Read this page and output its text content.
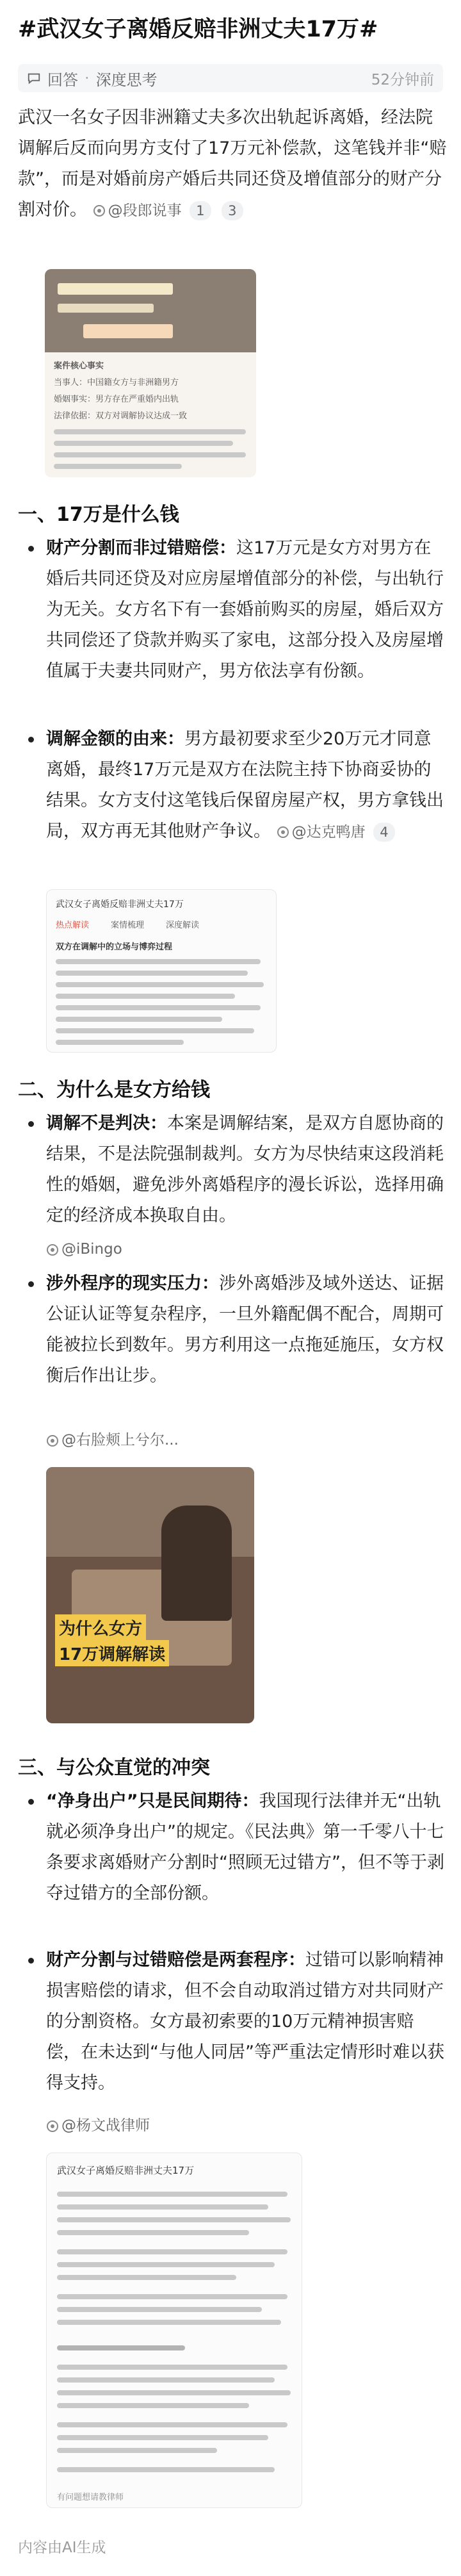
#武汉女子离婚反赔非洲丈夫17万#
回答 · 深度思考	52分钟前
武汉一名女子因非洲籍丈夫多次出轨起诉离婚，经法院调解后反而向男方支付了17万元补偿款，这笔钱并非“赔款”，而是对婚前房产婚后共同还贷及增值部分的财产分割对价。 @段郎说事 1 3
案件核心事实
当事人：中国籍女方与非洲籍男方
婚姻事实：男方存在严重婚内出轨
法律依据：双方对调解协议达成一致
一、17万是什么钱
财产分割而非过错赔偿：这17万元是女方对男方在婚后共同还贷及对应房屋增值部分的补偿，与出轨行为无关。女方名下有一套婚前购买的房屋，婚后双方共同偿还了贷款并购买了家电，这部分投入及房屋增值属于夫妻共同财产，男方依法享有份额。
调解金额的由来：男方最初要求至少20万元才同意离婚，最终17万元是双方在法院主持下协商妥协的结果。女方支付这笔钱后保留房屋产权，男方拿钱出局，双方再无其他财产争议。 @达克鸭唐 4
武汉女子离婚反赔非洲丈夫17万
热点解读	案情梳理	深度解读
双方在调解中的立场与博弈过程
二、为什么是女方给钱
调解不是判决：本案是调解结案，是双方自愿协商的结果，不是法院强制裁判。女方为尽快结束这段消耗性的婚姻，避免涉外离婚程序的漫长诉讼，选择用确定的经济成本换取自由。
@iBingo
涉外程序的现实压力：涉外离婚涉及域外送达、证据公证认证等复杂程序，一旦外籍配偶不配合，周期可能被拉长到数年。男方利用这一点拖延施压，女方权衡后作出让步。
@右脸颊上兮尔...
为什么女方
17万调解解读
三、与公众直觉的冲突
“净身出户”只是民间期待：我国现行法律并无“出轨就必须净身出户”的规定。《民法典》第一千零八十七条要求离婚财产分割时“照顾无过错方”，但不等于剥夺过错方的全部份额。
财产分割与过错赔偿是两套程序：过错可以影响精神损害赔偿的请求，但不会自动取消过错方对共同财产的分割资格。女方最初索要的10万元精神损害赔偿，在未达到“与他人同居”等严重法定情形时难以获得支持。
@杨文战律师
武汉女子离婚反赔非洲丈夫17万
有问题想请教律师
内容由AI生成
